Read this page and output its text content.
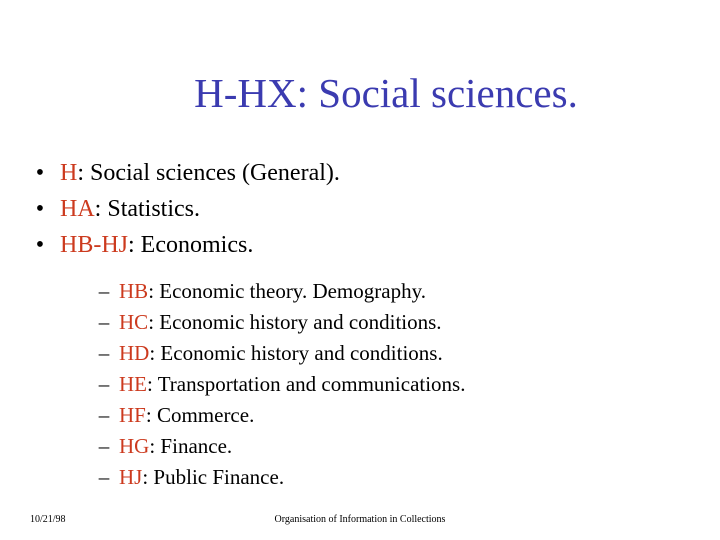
H-HX: Social sciences.
• H: Social sciences (General).
• HA: Statistics.
• HB-HJ: Economics.
– HB: Economic theory. Demography.
– HC: Economic history and conditions.
– HD: Economic history and conditions.
– HE: Transportation and communications.
– HF: Commerce.
– HG: Finance.
– HJ: Public Finance.
10/21/98	Organisation of Information in Collections
